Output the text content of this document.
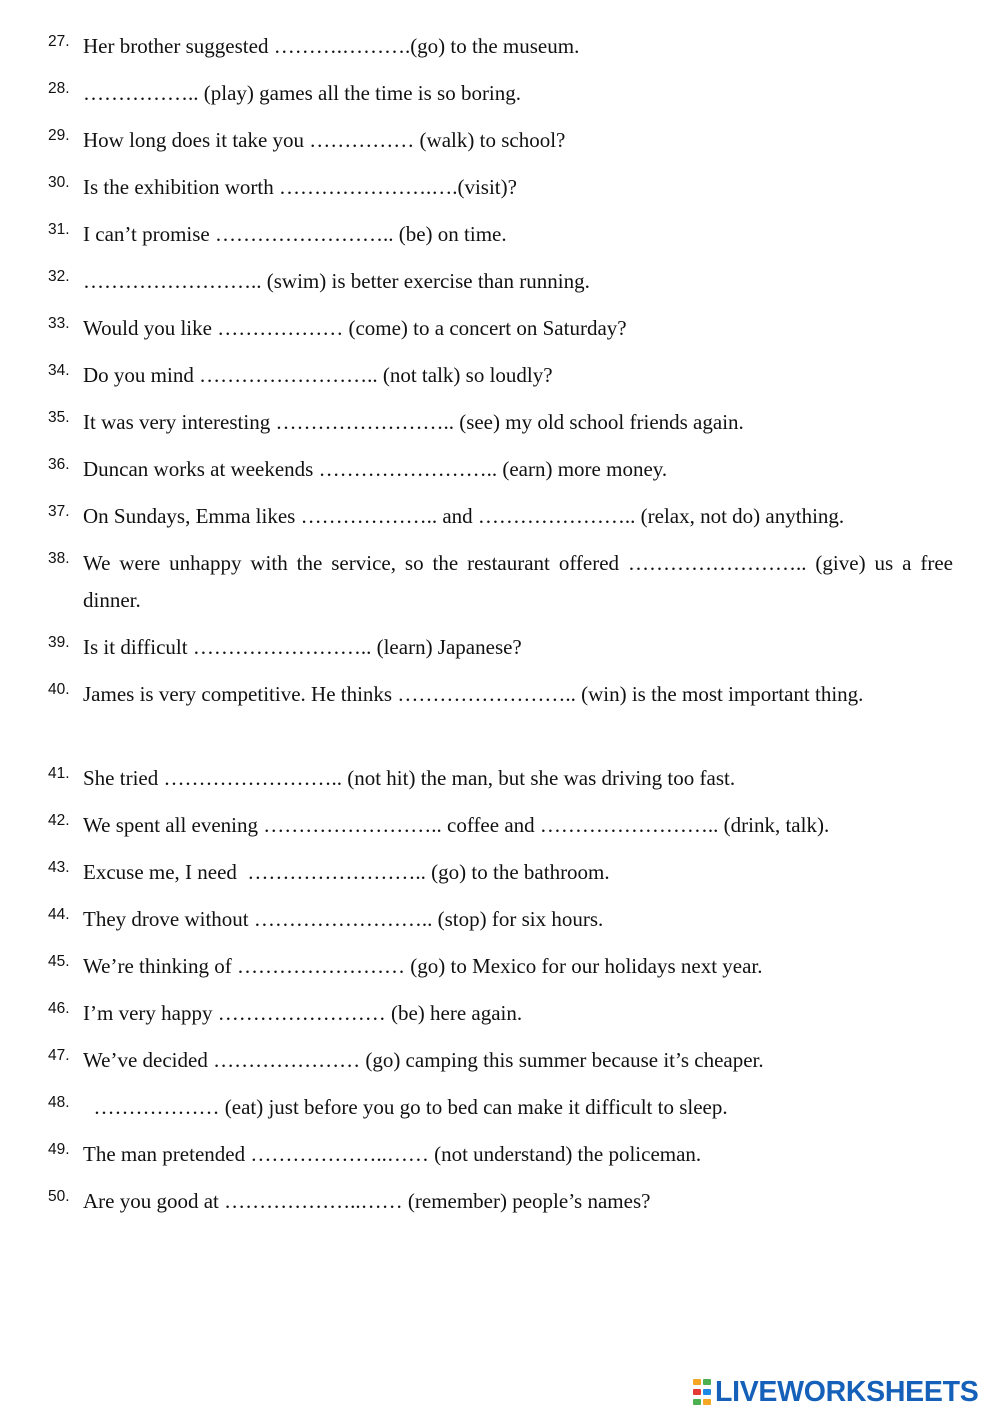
27. Her brother suggested ……….……….(go) to the museum.
28. …………….. (play) games all the time is so boring.
29. How long does it take you …………… (walk) to school?
30. Is the exhibition worth ………………….….(visit)?
31. I can’t promise …………………….. (be) on time.
32. …………………….. (swim) is better exercise than running.
33. Would you like ……………… (come) to a concert on Saturday?
34. Do you mind …………………….. (not talk) so loudly?
35. It was very interesting …………………….. (see) my old school friends again.
36. Duncan works at weekends …………………….. (earn) more money.
37. On Sundays, Emma likes ……………….. and ………………….. (relax, not do) anything.
38. We were unhappy with the service, so the restaurant offered …………………….. (give) us a free dinner.
39. Is it difficult …………………….. (learn) Japanese?
40. James is very competitive. He thinks …………………….. (win) is the most important thing.
41. She tried …………………….. (not hit) the man, but she was driving too fast.
42. We spent all evening …………………….. coffee and …………………….. (drink, talk).
43. Excuse me, I need  …………………….. (go) to the bathroom.
44. They drove without …………………….. (stop) for six hours.
45. We’re thinking of …………………… (go) to Mexico for our holidays next year.
46. I’m very happy …………………… (be) here again.
47. We’ve decided ………………… (go) camping this summer because it’s cheaper.
48. ……………… (eat) just before you go to bed can make it difficult to sleep.
49. The man pretended ………………..…… (not understand) the policeman.
50. Are you good at ………………..…… (remember) people’s names?
LIVEWORKSHEETS
